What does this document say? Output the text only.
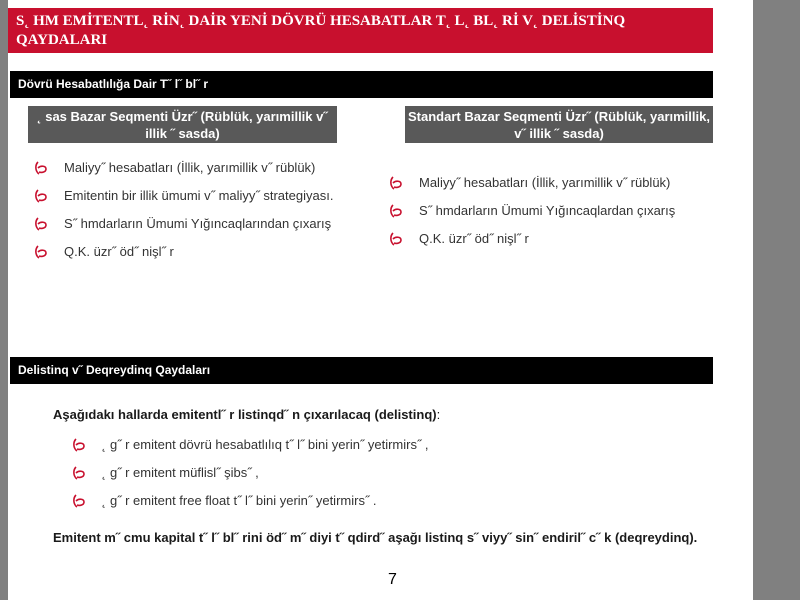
S˛ HM EMİTENTL˛ RİN˛ DAİR YENİ DÖVRÜ HESABATLAR T˛ L˛ BL˛ Rİ V˛ DELİSTİNQ QAYDALARI
Dövrü Hesabatlılığa Dair T˝ l˝ bl˝ r
˛ sas Bazar Seqmenti Üzr˝ (Rüblük, yarımillik v˝ illik ˝ sasda)
Standart Bazar Seqmenti Üzr˝ (Rüblük, yarımillik, v˝ illik ˝ sasda)
Maliyy˝ hesabatları (İllik, yarımillik v˝ rüblük)
Emitentin bir illik ümumi v˝ maliyy˝ strategiyası.
S˝ hmdarların Ümumi Yığıncaqlarından çıxarış
Q.K. üzr˝ öd˝ nişl˝ r
Maliyy˝ hesabatları (İllik, yarımillik v˝ rüblük)
S˝ hmdarların Ümumi Yığıncaqlardan çıxarış
Q.K. üzr˝ öd˝ nişl˝ r
Delistinq v˝ Deqreydinq Qaydaları
Aşağıdakı hallarda emitentl˝ r listinqd˝ n çıxarılacaq (delistinq):
˛ g˝ r emitent dövrü hesabatlılıq t˝ l˝ bini yerin˝ yetirmirs˝ ,
˛ g˝ r emitent müflisl˝ şibs˝ ,
˛ g˝ r emitent free float t˝ l˝ bini yerin˝ yetirmirs˝ .
Emitent m˝ cmu kapital t˝ l˝ bl˝ rini öd˝ m˝ diyi t˝ qdird˝ aşağı listinq s˝ viyy˝ sin˝ endiril˝ c˝ k (deqreydinq).
7
